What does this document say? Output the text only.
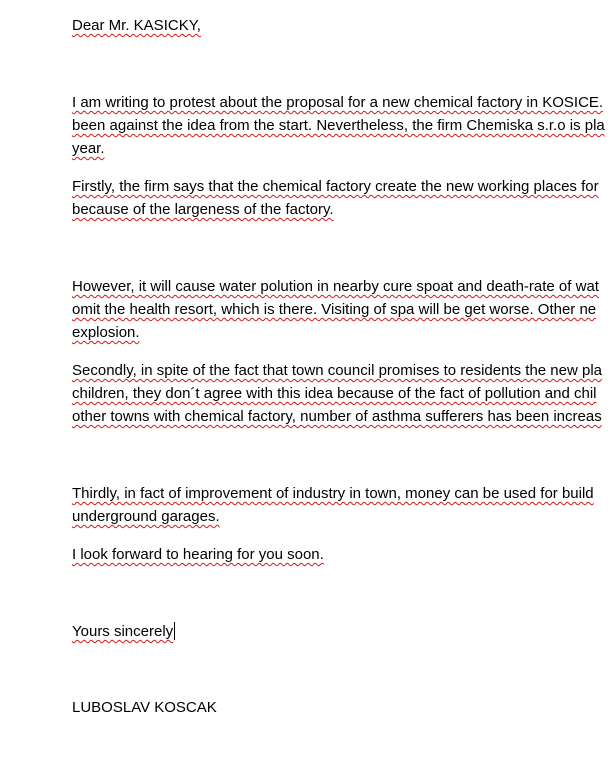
Dear Mr. KASICKY,
I am writing to protest about the proposal for a new chemical factory in KOSICE.
been against the idea from the start. Nevertheless, the firm Chemiska s.r.o is pla
year.
Firstly, the firm says that the chemical factory create the new working places for
because of the largeness of the factory.
However, it will cause water polution in nearby cure spoat and death-rate of wat
omit the health resort, which is there. Visiting of spa will be get worse. Other ne
explosion.
Secondly, in spite of the fact that town council promises to residents the new pla
children, they don´t agree with this idea because of the fact of pollution and chil
other towns with chemical factory, number of asthma sufferers has been increas
Thirdly, in fact of improvement of industry in town, money can be used for build
underground garages.
I look forward to hearing for you soon.
Yours sincerely
LUBOSLAV KOSCAK
